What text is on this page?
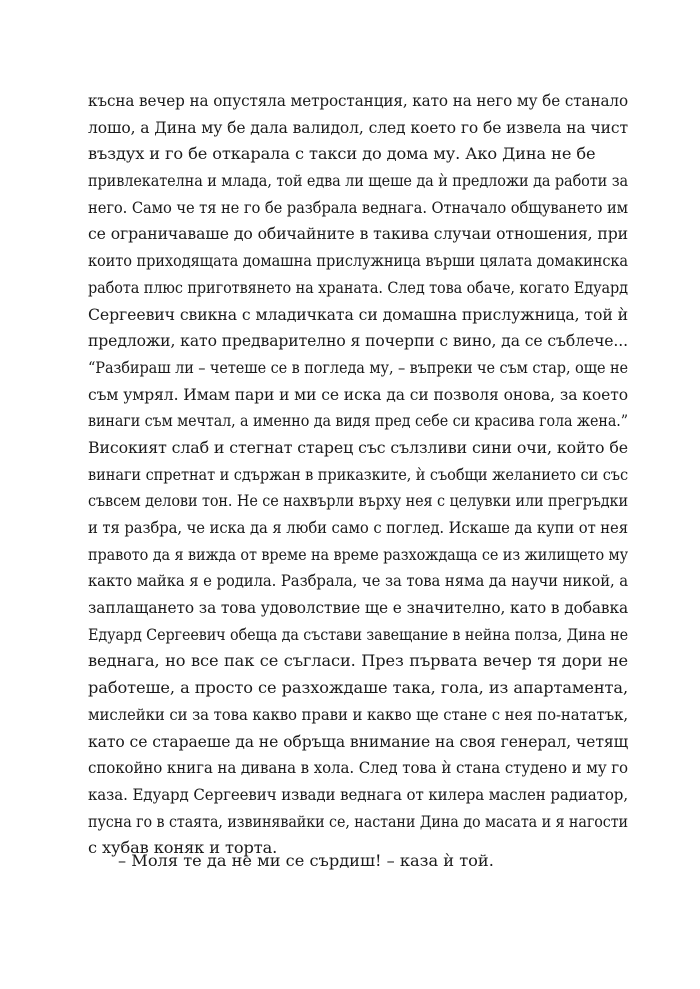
късна вечер на опустяла метростанция, като на него му бе станало
лошо, а Дина му бе дала валидол, след което го бе извела на чист
въздух и го бе откарала с такси до дома му. Ако Дина не бе
привлекателна и млада, той едва ли щеше да ѝ предложи да работи за
него. Само че тя не го бе разбрала веднага. Отначало общуването им
се ограничаваше до обичайните в такива случаи отношения, при
които приходящата домашна прислужница върши цялата домакинска
работа плюс приготвянето на храната. След това обаче, когато Едуард
Сергеевич свикна с младичката си домашна прислужница, той ѝ
предложи, като предварително я почерпи с вино, да се съблече...
“Разбираш ли – четеше се в погледа му, – въпреки че съм стар, още не
съм умрял. Имам пари и ми се иска да си позволя онова, за което
винаги съм мечтал, а именно да видя пред себе си красива гола жена.”
Високият слаб и стегнат старец със сълзливи сини очи, който бе
винаги спретнат и сдържан в приказките, ѝ съобщи желанието си със
съвсем делови тон. Не се нахвърли върху нея с целувки или прегръдки
и тя разбра, че иска да я люби само с поглед. Искаше да купи от нея
правото да я вижда от време на време разхождаща се из жилището му
както майка я е родила. Разбрала, че за това няма да научи никой, а
заплащането за това удоволствие ще е значително, като в добавка
Едуард Сергеевич обеща да състави завещание в нейна полза, Дина не
веднага, но все пак се съгласи. През първата вечер тя дори не
работеше, а просто се разхождаше така, гола, из апартамента,
мислейки си за това какво прави и какво ще стане с нея по-нататък,
като се стараеше да не обръща внимание на своя генерал, четящ
спокойно книга на дивана в хола. След това ѝ стана студено и му го
каза. Едуард Сергеевич извади веднага от килера маслен радиатор,
пусна го в стаята, извинявайки се, настани Дина до масата и я нагости
с хубав коняк и торта.
– Моля те да не ми се сърдиш! – каза ѝ той.
